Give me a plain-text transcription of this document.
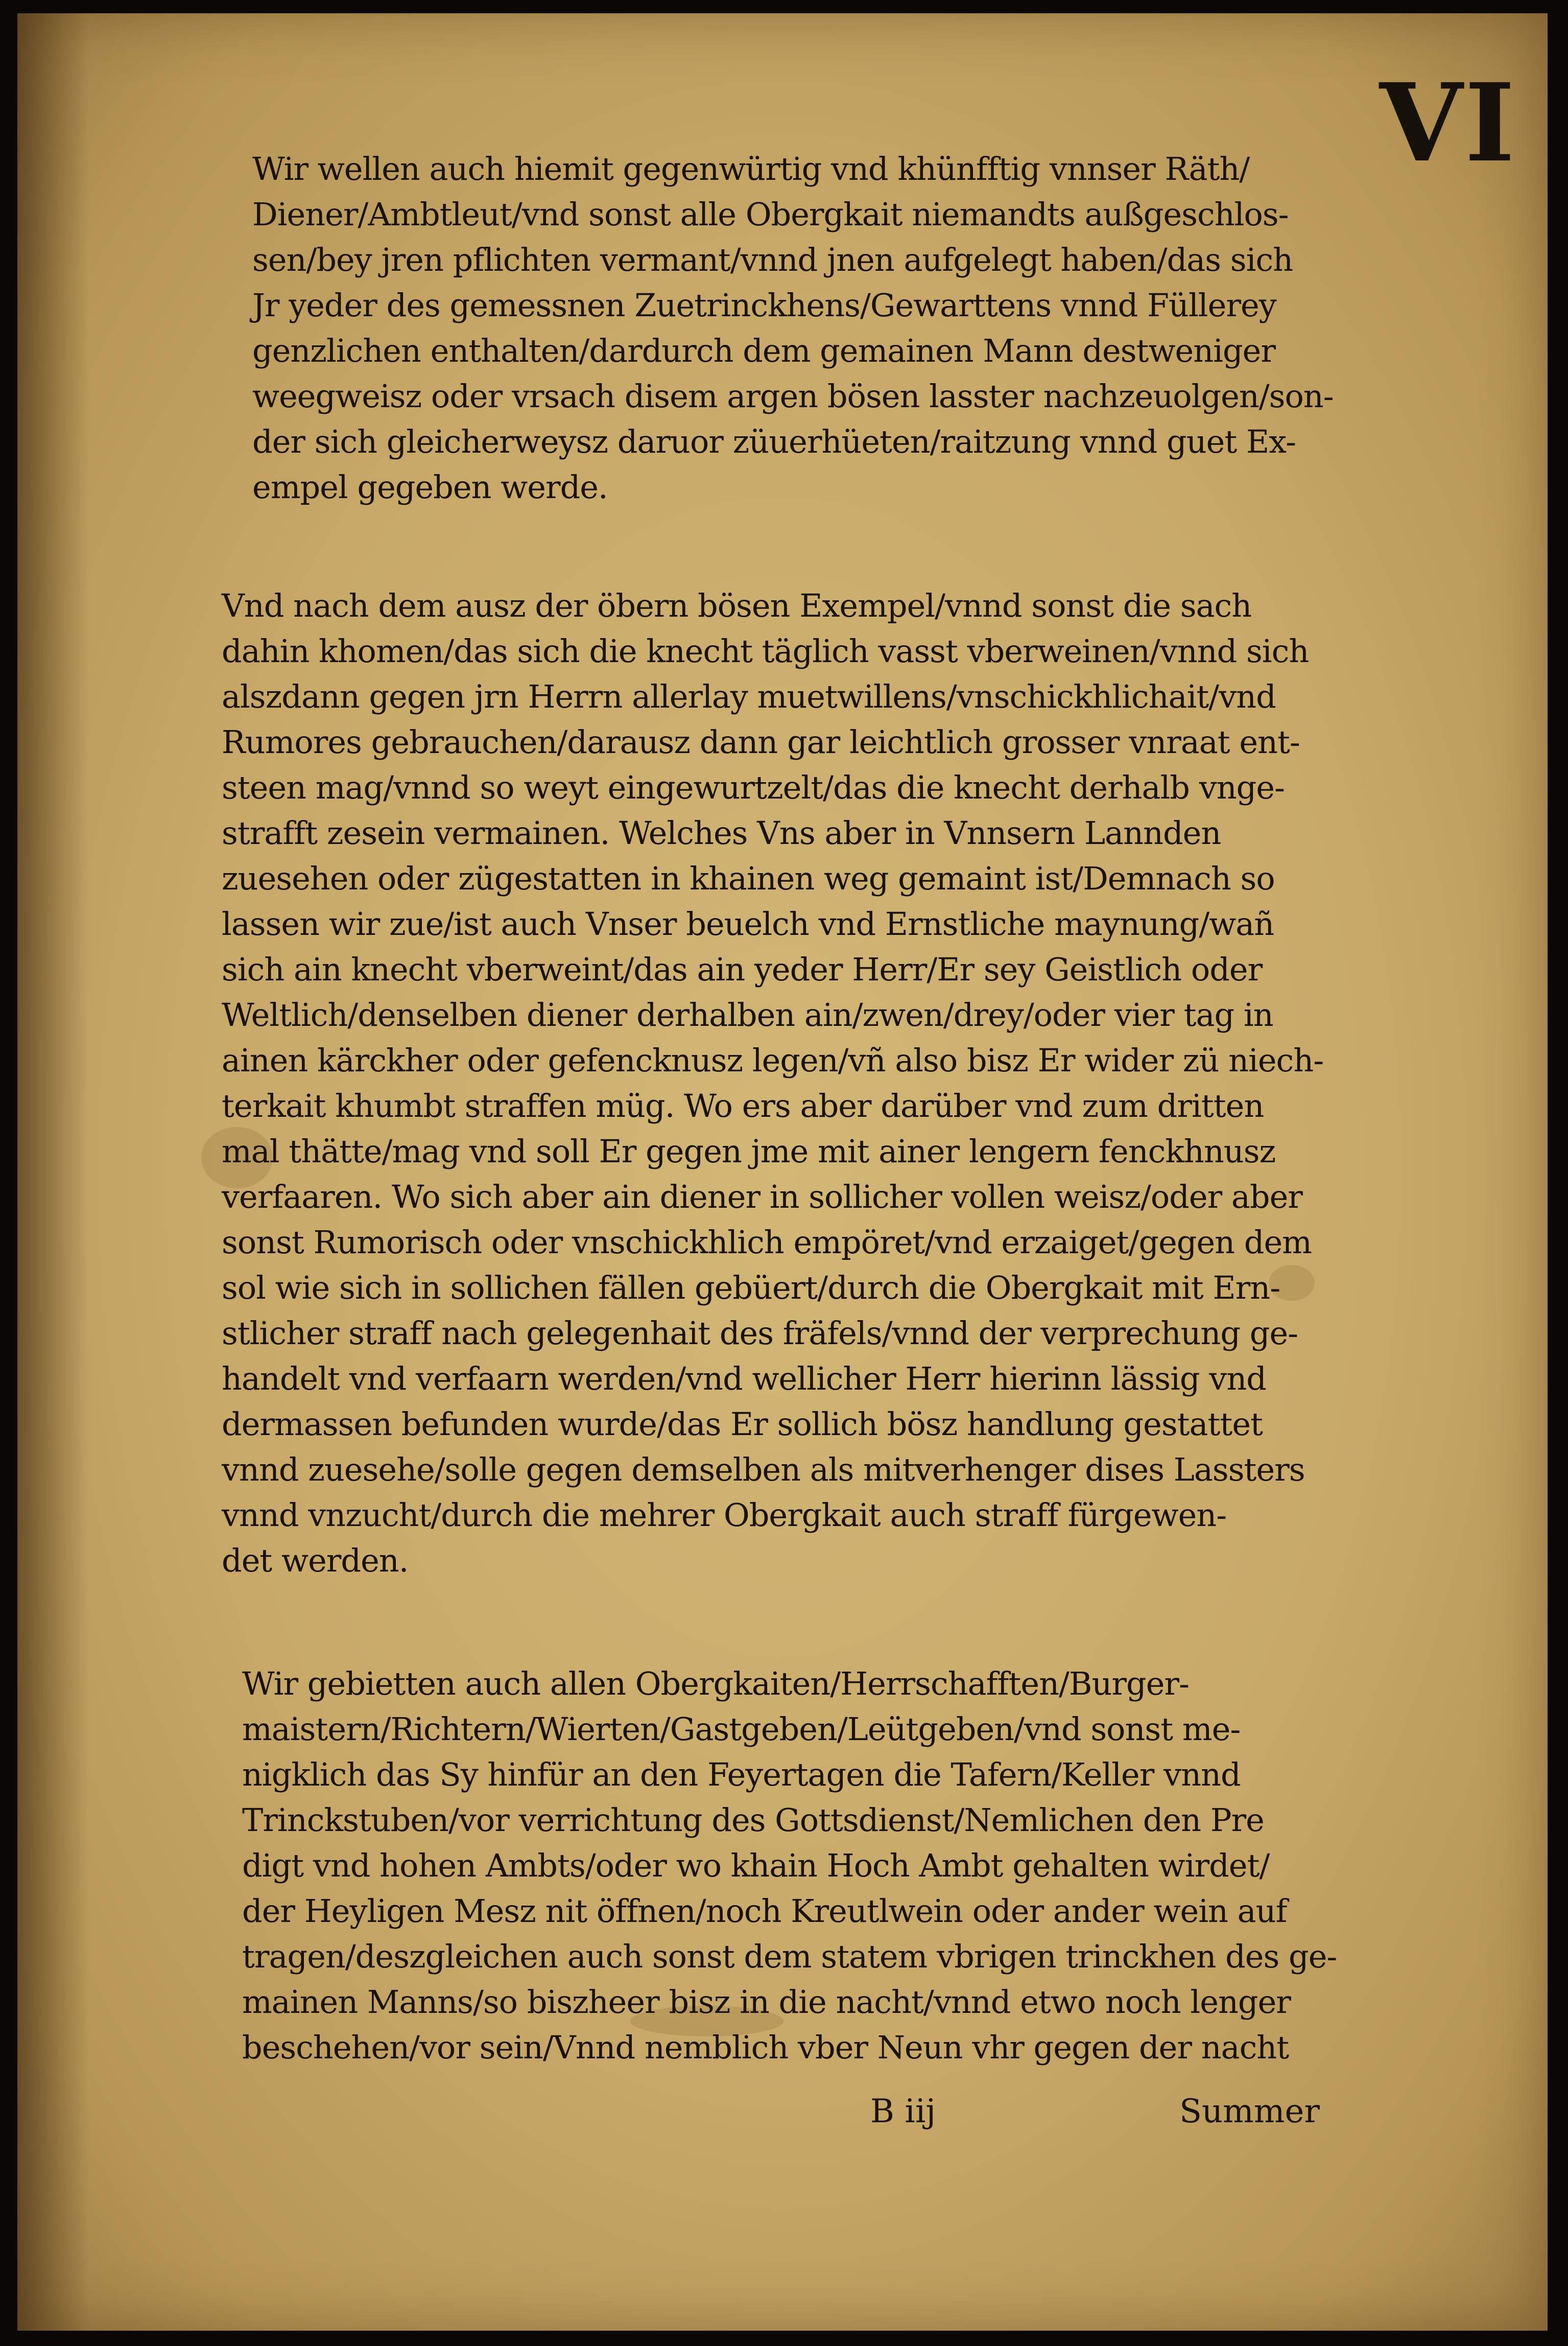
VI

Wir wellen auch hiemit gegenwürtig vnd khünfftig vnnser Räth/
Diener/Ambtleut/vnd sonst alle Obergkait niemandts außgeschlos-
sen/bey jren pflichten vermant/vnnd jnen aufgelegt haben/das sich
Jr yeder des gemessnen Zuetrinckhens/Gewarttens vnnd Füllerey
genzlichen enthalten/dardurch dem gemainen Mann destweniger
weegweisz oder vrsach disem argen bösen lasster nachzeuolgen/son-
der sich gleicherweysz daruor züuerhüeten/raitzung vnnd guet Ex-
empel gegeben werde.

Vnd nach dem ausz der öbern bösen Exempel/vnnd sonst die sach
dahin khomen/das sich die knecht täglich vasst vberweinen/vnnd sich
alszdann gegen jrn Herrn allerlay muetwillens/vnschickhlichait/vnd
Rumores gebrauchen/darausz dann gar leichtlich grosser vnraat ent-
steen mag/vnnd so weyt eingewurtzelt/das die knecht derhalb vnge-
strafft zesein vermainen. Welches Vns aber in Vnnsern Lannden
zuesehen oder zügestatten in khainen weg gemaint ist/Demnach so
lassen wir zue/ist auch Vnser beuelch vnd Ernstliche maynung/wañ
sich ain knecht vberweint/das ain yeder Herr/Er sey Geistlich oder
Weltlich/denselben diener derhalben ain/zwen/drey/oder vier tag in
ainen kärckher oder gefencknusz legen/vñ also bisz Er wider zü niech-
terkait khumbt straffen müg. Wo ers aber darüber vnd zum dritten
mal thätte/mag vnd soll Er gegen jme mit ainer lengern fenckhnusz
verfaaren. Wo sich aber ain diener in sollicher vollen weisz/oder aber
sonst Rumorisch oder vnschickhlich empöret/vnd erzaiget/gegen dem
sol wie sich in sollichen fällen gebüert/durch die Obergkait mit Ern-
stlicher straff nach gelegenhait des fräfels/vnnd der verprechung ge-
handelt vnd verfaarn werden/vnd wellicher Herr hierinn lässig vnd
dermassen befunden wurde/das Er sollich bösz handlung gestattet
vnnd zuesehe/solle gegen demselben als mitverhenger dises Lassters
vnnd vnzucht/durch die mehrer Obergkait auch straff fürgewen-
det werden.

Wir gebietten auch allen Obergkaiten/Herrschafften/Burger-
maistern/Richtern/Wierten/Gastgeben/Leütgeben/vnd sonst me-
nigklich das Sy hinfür an den Feyertagen die Tafern/Keller vnnd
Trinckstuben/vor verrichtung des Gottsdienst/Nemlichen den Pre
digt vnd hohen Ambts/oder wo khain Hoch Ambt gehalten wirdet/
der Heyligen Mesz nit öffnen/noch Kreutlwein oder ander wein auf
tragen/deszgleichen auch sonst dem statem vbrigen trinckhen des ge-
mainen Manns/so biszheer bisz in die nacht/vnnd etwo noch lenger
beschehen/vor sein/Vnnd nemblich vber Neun vhr gegen der nacht

B iij	Summer
